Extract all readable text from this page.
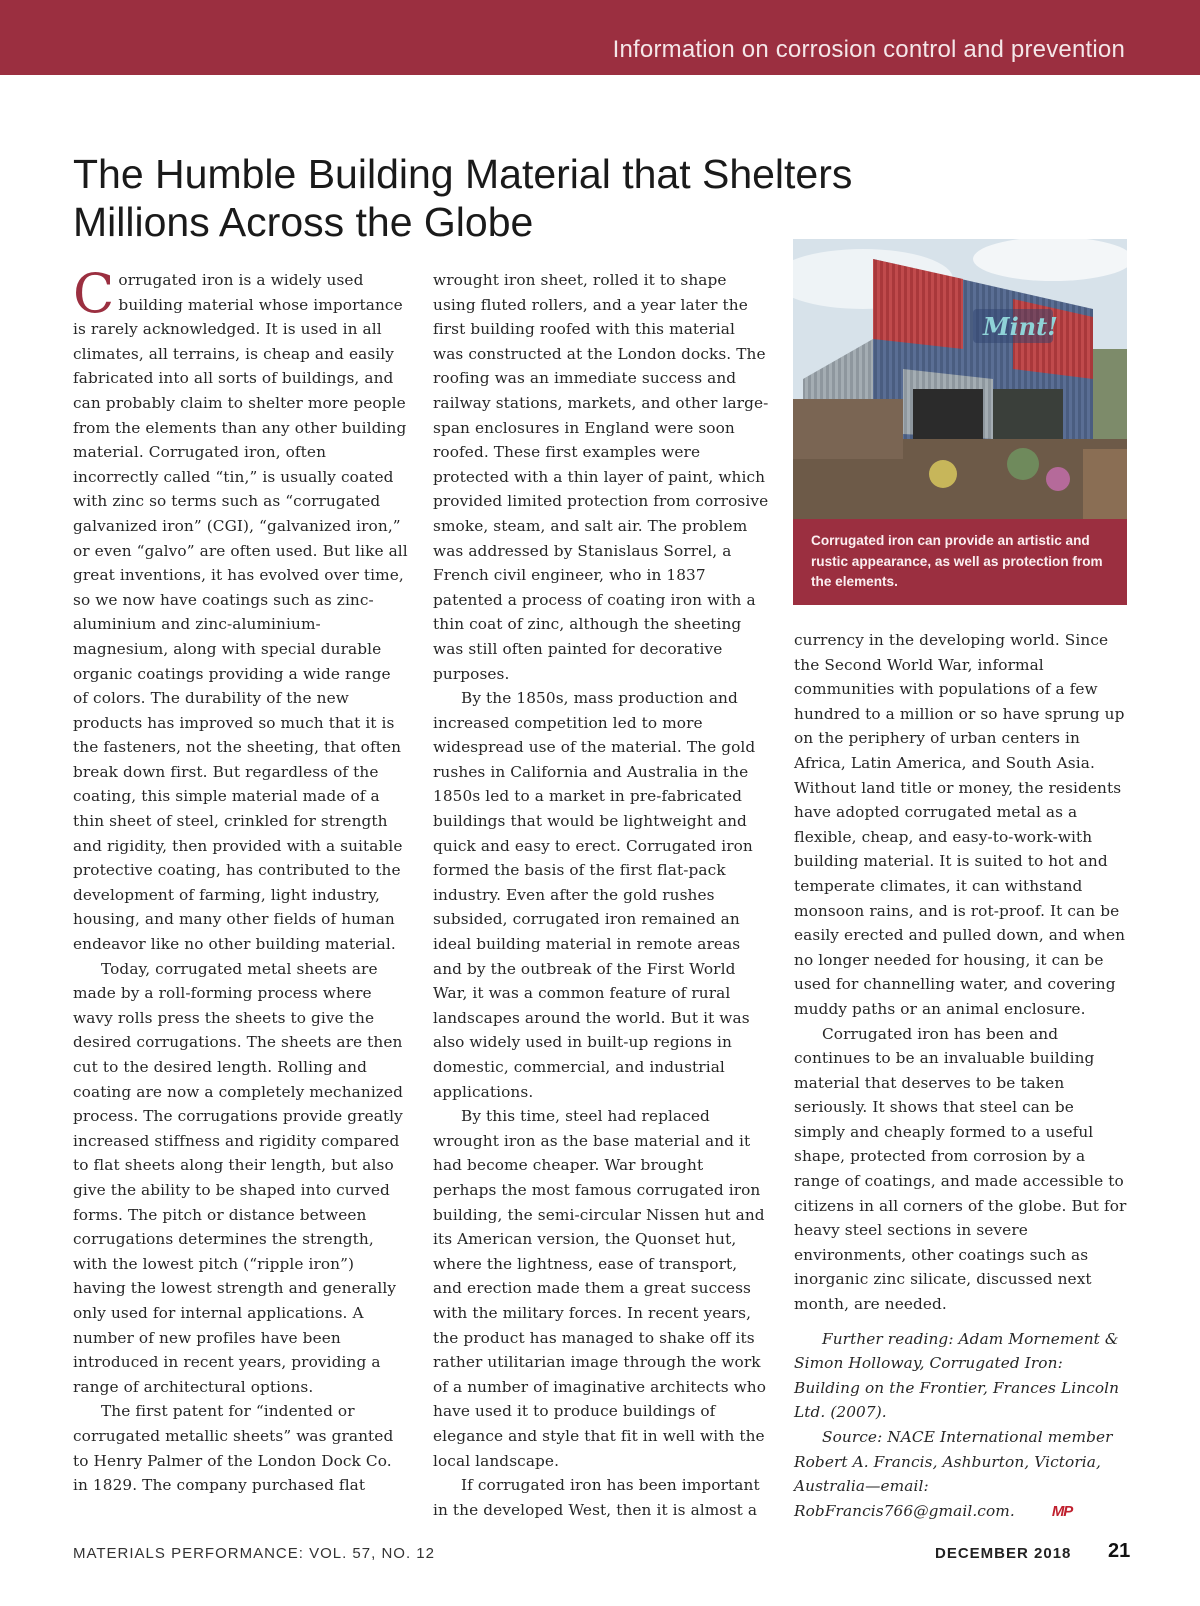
Information on corrosion control and prevention
The Humble Building Material that Shelters Millions Across the Globe

Corrugated iron is a widely used building material whose importance is rarely acknowledged. It is used in all climates, all terrains, is cheap and easily fabricated into all sorts of buildings, and can probably claim to shelter more people from the elements than any other building material. Corrugated iron, often incorrectly called “tin,” is usually coated with zinc so terms such as “corrugated galvanized iron” (CGI), “galvanized iron,” or even “galvo” are often used. But like all great inventions, it has evolved over time, so we now have coatings such as zinc-aluminium and zinc-aluminium-magnesium, along with special durable organic coatings providing a wide range of colors. The durability of the new products has improved so much that it is the fasteners, not the sheeting, that often break down first. But regardless of the coating, this simple material made of a thin sheet of steel, crinkled for strength and rigidity, then provided with a suitable protective coating, has contributed to the development of farming, light industry, housing, and many other fields of human endeavor like no other building material.

Today, corrugated metal sheets are made by a roll-forming process where wavy rolls press the sheets to give the desired corrugations. The sheets are then cut to the desired length. Rolling and coating are now a completely mechanized process. The corrugations provide greatly increased stiffness and rigidity compared to flat sheets along their length, but also give the ability to be shaped into curved forms. The pitch or distance between corrugations determines the strength, with the lowest pitch (“ripple iron”) having the lowest strength and generally only used for internal applications. A number of new profiles have been introduced in recent years, providing a range of architectural options.

The first patent for “indented or corrugated metallic sheets” was granted to Henry Palmer of the London Dock Co. in 1829. The company purchased flat

wrought iron sheet, rolled it to shape using fluted rollers, and a year later the first building roofed with this material was constructed at the London docks. The roofing was an immediate success and railway stations, markets, and other large-span enclosures in England were soon roofed. These first examples were protected with a thin layer of paint, which provided limited protection from corrosive smoke, steam, and salt air. The problem was addressed by Stanislaus Sorrel, a French civil engineer, who in 1837 patented a process of coating iron with a thin coat of zinc, although the sheeting was still often painted for decorative purposes.

By the 1850s, mass production and increased competition led to more widespread use of the material. The gold rushes in California and Australia in the 1850s led to a market in pre-fabricated buildings that would be lightweight and quick and easy to erect. Corrugated iron formed the basis of the first flat-pack industry. Even after the gold rushes subsided, corrugated iron remained an ideal building material in remote areas and by the outbreak of the First World War, it was a common feature of rural landscapes around the world. But it was also widely used in built-up regions in domestic, commercial, and industrial applications.

By this time, steel had replaced wrought iron as the base material and it had become cheaper. War brought perhaps the most famous corrugated iron building, the semi-circular Nissen hut and its American version, the Quonset hut, where the lightness, ease of transport, and erection made them a great success with the military forces. In recent years, the product has managed to shake off its rather utilitarian image through the work of a number of imaginative architects who have used it to produce buildings of elegance and style that fit in well with the local landscape.

If corrugated iron has been important in the developed West, then it is almost a

Mint!
Corrugated iron can provide an artistic and rustic appearance, as well as protection from the elements.

currency in the developing world. Since the Second World War, informal communities with populations of a few hundred to a million or so have sprung up on the periphery of urban centers in Africa, Latin America, and South Asia. Without land title or money, the residents have adopted corrugated metal as a flexible, cheap, and easy-to-work-with building material. It is suited to hot and temperate climates, it can withstand monsoon rains, and is rot-proof. It can be easily erected and pulled down, and when no longer needed for housing, it can be used for channelling water, and covering muddy paths or an animal enclosure.

Corrugated iron has been and continues to be an invaluable building material that deserves to be taken seriously. It shows that steel can be simply and cheaply formed to a useful shape, protected from corrosion by a range of coatings, and made accessible to citizens in all corners of the globe. But for heavy steel sections in severe environments, other coatings such as inorganic zinc silicate, discussed next month, are needed.

Further reading: Adam Mornement & Simon Holloway, Corrugated Iron: Building on the Frontier, Frances Lincoln Ltd. (2007).

Source: NACE International member Robert A. Francis, Ashburton, Victoria, Australia—email: RobFrancis766@gmail.com. MP

MATERIALS PERFORMANCE: VOL. 57, NO. 12	DECEMBER 2018 21
